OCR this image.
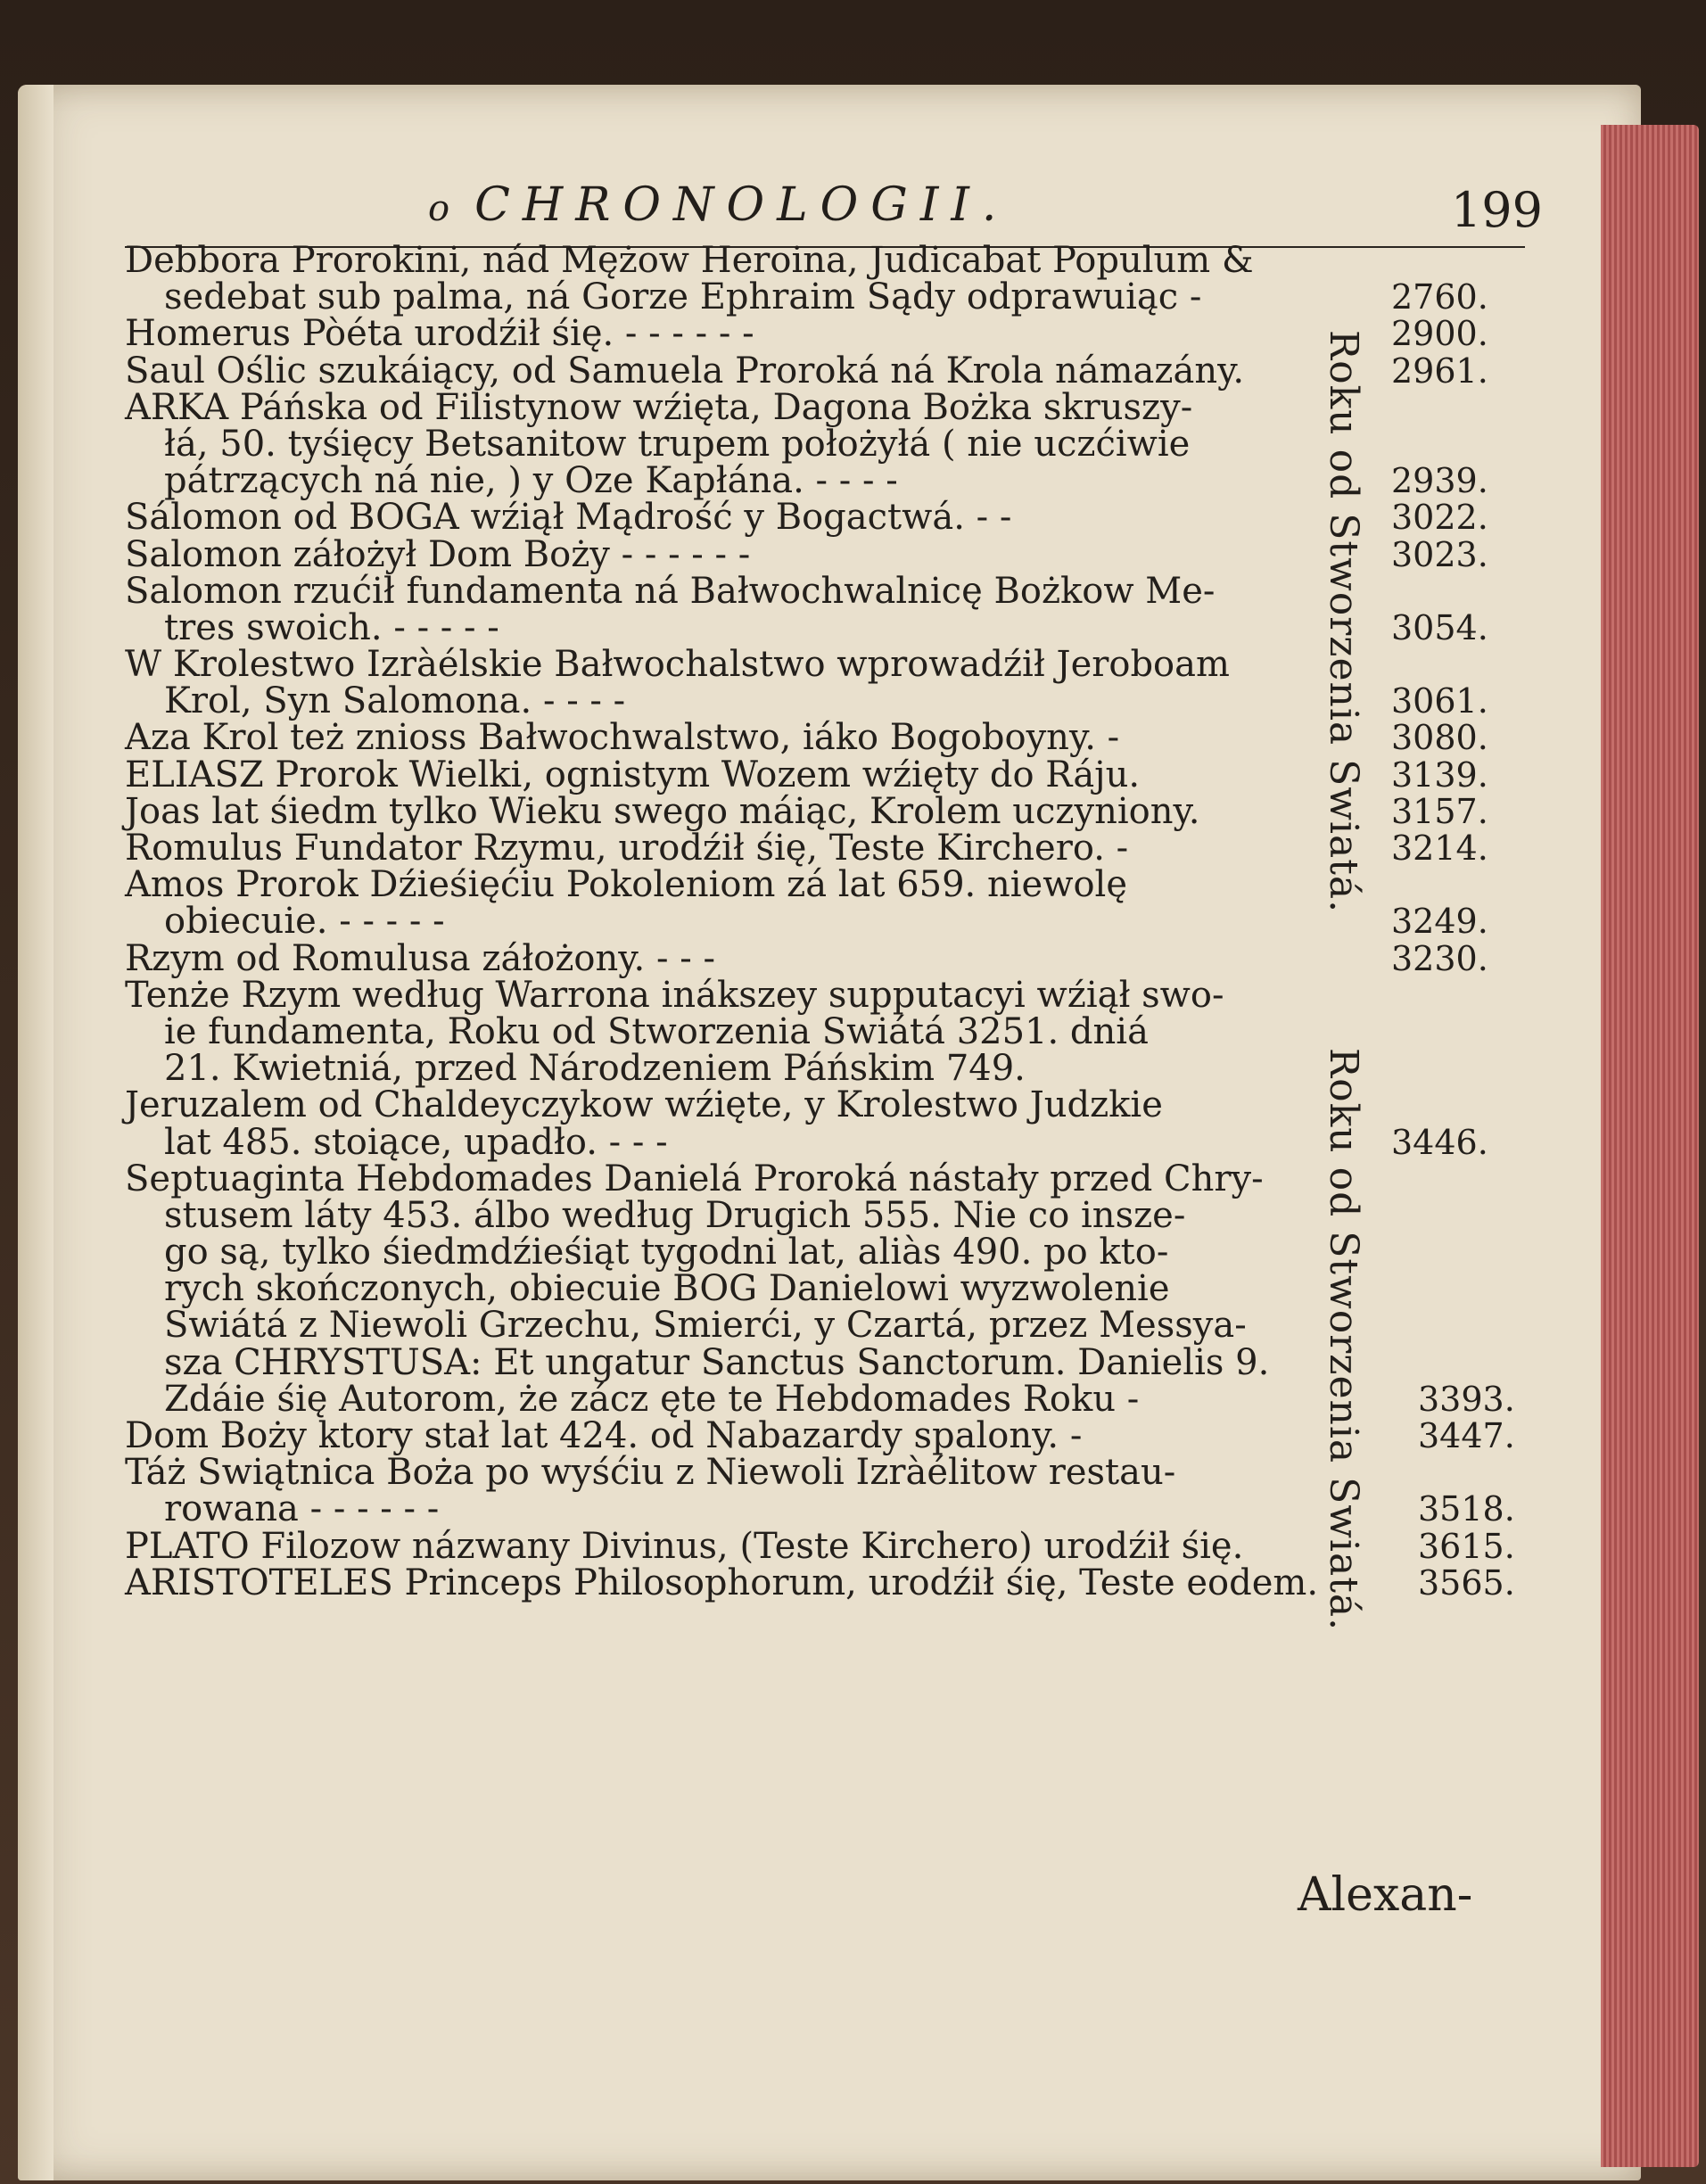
o CHRONOLOGII.	199
Debbora Prorokini, nád Mężow Heroina, Judicabat Populum &
sedebat sub palma, ná Gorze Ephraim Sądy odprawuiąc -	2760.
Homerus Pòéta urodźił śię. - - - - - -	2900.
Saul Oślic szukáiący, od Samuela Proroká ná Krola námazány.	2961.
ARKA Páńska od Filistynow wźięta, Dagona Bożka skruszy-
łá, 50. tyśięcy Betsanitow trupem położyłá ( nie uczćiwie
pátrzących ná nie, ) y Oze Kapłána. - - - -	2939.
Sálomon od BOGA wźiął Mądrość y Bogactwá. - -	3022.
Salomon záłożył Dom Boży - - - - - -	3023.
Salomon rzućił fundamenta ná Bałwochwalnicę Bożkow Me-
tres swoich. - - - - -	3054.
W Krolestwo Izràélskie Bałwochalstwo wprowadźił Jeroboam
Krol, Syn Salomona. - - - -	3061.
Aza Krol też znioss Bałwochwalstwo, iáko Bogoboyny. -	3080.
ELIASZ Prorok Wielki, ognistym Wozem wźięty do Ráju.	3139.
Joas lat śiedm tylko Wieku swego máiąc, Krolem uczyniony.	3157.
Romulus Fundator Rzymu, urodźił śię, Teste Kirchero. -	3214.
Amos Prorok Dźieśięćiu Pokoleniom zá lat 659. niewolę
obiecuie. - - - - -	3249.
Rzym od Romulusa záłożony. - - -	3230.
Tenże Rzym według Warrona inákszey supputacyi wźiął swo-
ie fundamenta, Roku od Stworzenia Swiátá 3251. dniá
21. Kwietniá, przed Národzeniem Páńskim 749.
Jeruzalem od Chaldeyczykow wźięte, y Krolestwo Judzkie
lat 485. stoiące, upadło. - - -	3446.
Septuaginta Hebdomades Danielá Proroká nástały przed Chry-
stusem láty 453. álbo według Drugich 555. Nie co insze-
go są, tylko śiedmdźieśiąt tygodni lat, aliàs 490. po kto-
rych skończonych, obiecuie BOG Danielowi wyzwolenie
Swiátá z Niewoli Grzechu, Smierći, y Czartá, przez Messya-
sza CHRYSTUSA: Et ungatur Sanctus Sanctorum. Danielis 9.
Zdáie śię Autorom, że zácz ęte te Hebdomades Roku -	3393.
Dom Boży ktory stał lat 424. od Nabazardy spalony. -	3447.
Táż Swiątnica Boża po wyśćiu z Niewoli Izràélitow restau-
rowana - - - - - -	3518.
PLATO Filozow názwany Divinus, (Teste Kirchero) urodźił śię.	3615.
ARISTOTELES Princeps Philosophorum, urodźił śię, Teste eodem.	3565.
Roku od Stworzenia Swiatá.
Roku od Stworzenia Swiatá.
Alexan-
